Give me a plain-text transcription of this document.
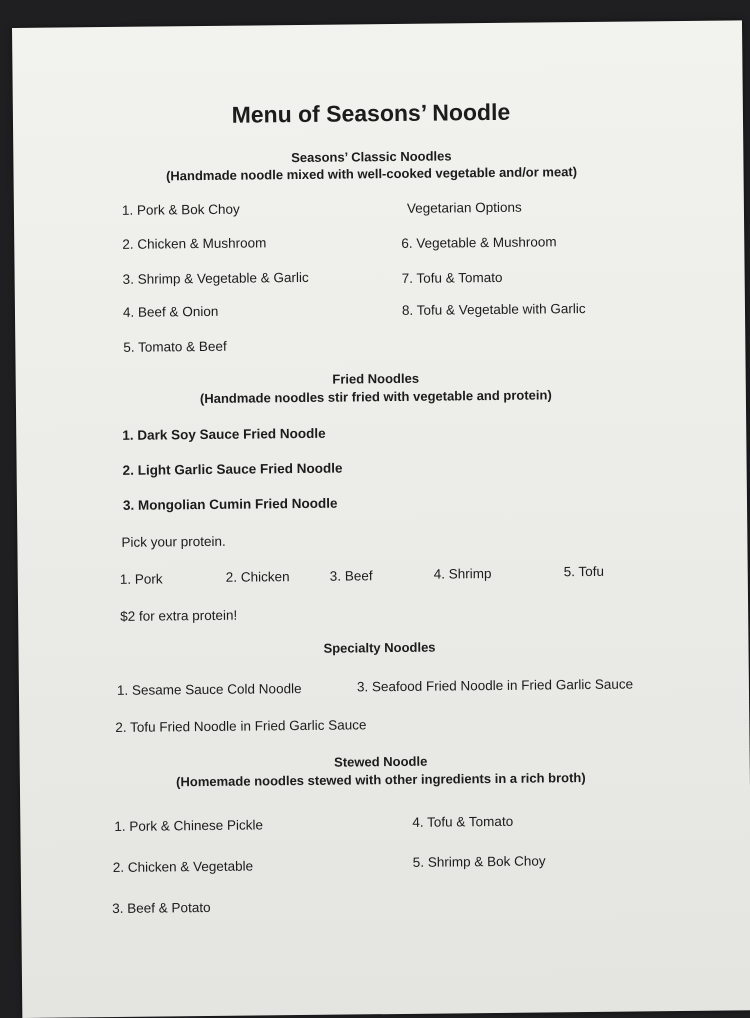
Menu of Seasons’ Noodle
Seasons’ Classic Noodles
(Handmade noodle mixed with well-cooked vegetable and/or meat)
1. Pork & Bok Choy
2. Chicken & Mushroom
3. Shrimp & Vegetable & Garlic
4. Beef & Onion
5. Tomato & Beef
Vegetarian Options
6. Vegetable & Mushroom
7. Tofu & Tomato
8. Tofu & Vegetable with Garlic
Fried Noodles
(Handmade noodles stir fried with vegetable and protein)
1. Dark Soy Sauce Fried Noodle
2. Light Garlic Sauce Fried Noodle
3. Mongolian Cumin Fried Noodle
Pick your protein.
1. Pork	2. Chicken	3. Beef	4. Shrimp	5. Tofu
$2 for extra protein!
Specialty Noodles
1. Sesame Sauce Cold Noodle
2. Tofu Fried Noodle in Fried Garlic Sauce
3. Seafood Fried Noodle in Fried Garlic Sauce
Stewed Noodle
(Homemade noodles stewed with other ingredients in a rich broth)
1. Pork & Chinese Pickle
2. Chicken & Vegetable
3. Beef & Potato
4. Tofu & Tomato
5. Shrimp & Bok Choy
